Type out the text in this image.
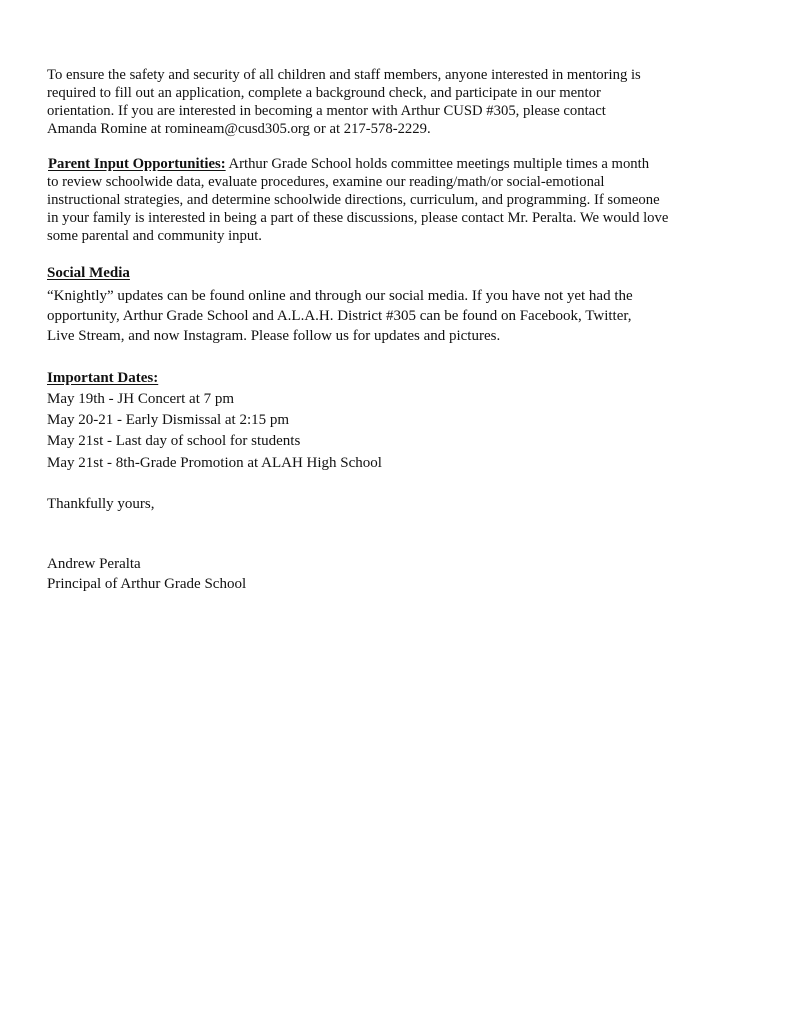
To ensure the safety and security of all children and staff members, anyone interested in mentoring is
required to fill out an application, complete a background check, and participate in our mentor
orientation. If you are interested in becoming a mentor with Arthur CUSD #305, please contact
Amanda Romine at romineam@cusd305.org or at 217-578-2229.
Parent Input Opportunities: Arthur Grade School holds committee meetings multiple times a month
to review schoolwide data, evaluate procedures, examine our reading/math/or social-emotional
instructional strategies, and determine schoolwide directions, curriculum, and programming. If someone
in your family is interested in being a part of these discussions, please contact Mr. Peralta. We would love
some parental and community input.
Social Media
“Knightly” updates can be found online and through our social media. If you have not yet had the
opportunity, Arthur Grade School and A.L.A.H. District #305 can be found on Facebook, Twitter,
Live Stream, and now Instagram. Please follow us for updates and pictures.
Important Dates:
May 19th - JH Concert at 7 pm
May 20-21 - Early Dismissal at 2:15 pm
May 21st - Last day of school for students
May 21st - 8th-Grade Promotion at ALAH High School
Thankfully yours,
Andrew Peralta
Principal of Arthur Grade School
